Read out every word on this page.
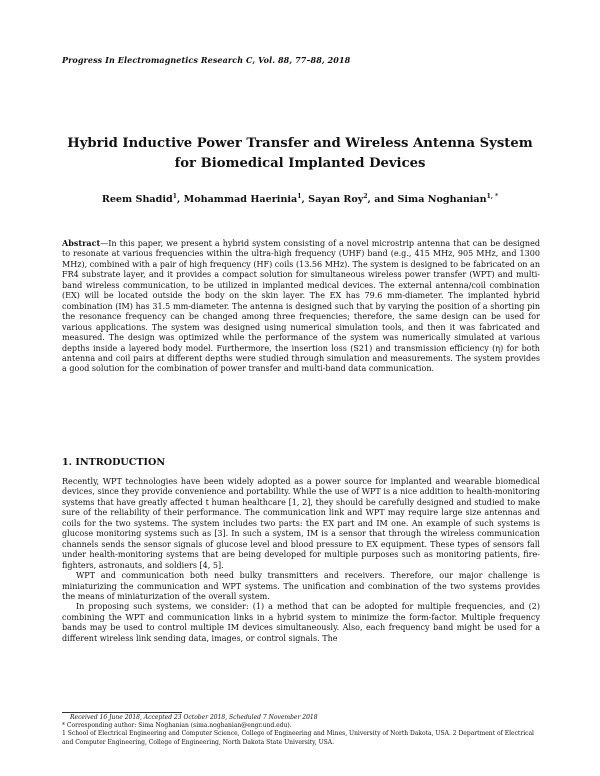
Progress In Electromagnetics Research C, Vol. 88, 77–88, 2018
Hybrid Inductive Power Transfer and Wireless Antenna System
for Biomedical Implanted Devices
Reem Shadid$^1$, Mohammad Haerinia$^1$, Sayan Roy$^2$, and Sima Noghanian$^{1, *}$
Abstract—In this paper, we present a hybrid system consisting of a novel microstrip antenna that can be designed to resonate at various frequencies within the ultra-high frequency (UHF) band (e.g., 415 MHz, 905 MHz, and 1300 MHz), combined with a pair of high frequency (HF) coils (13.56 MHz). The system is designed to be fabricated on an FR4 substrate layer, and it provides a compact solution for simultaneous wireless power transfer (WPT) and multi-band wireless communication, to be utilized in implanted medical devices. The external antenna/coil combination (EX) will be located outside the body on the skin layer. The EX has 79.6 mm-diameter. The implanted hybrid combination (IM) has 31.5 mm-diameter. The antenna is designed such that by varying the position of a shorting pin the resonance frequency can be changed among three frequencies; therefore, the same design can be used for various applications. The system was designed using numerical simulation tools, and then it was fabricated and measured. The design was optimized while the performance of the system was numerically simulated at various depths inside a layered body model. Furthermore, the insertion loss (S21) and transmission efficiency (η) for both antenna and coil pairs at different depths were studied through simulation and measurements. The system provides a good solution for the combination of power transfer and multi-band data communication.
1. INTRODUCTION

Recently, WPT technologies have been widely adopted as a power source for implanted and wearable biomedical devices, since they provide convenience and portability. While the use of WPT is a nice addition to health-monitoring systems that have greatly affected t human healthcare [1, 2], they should be carefully designed and studied to make sure of the reliability of their performance. The communication link and WPT may require large size antennas and coils for the two systems. The system includes two parts: the EX part and IM one. An example of such systems is glucose monitoring systems such as [3]. In such a system, IM is a sensor that through the wireless communication channels sends the sensor signals of glucose level and blood pressure to EX equipment. These types of sensors fall under health-monitoring systems that are being developed for multiple purposes such as monitoring patients, fire-fighters, astronauts, and soldiers [4, 5].

WPT and communication both need bulky transmitters and receivers. Therefore, our major challenge is miniaturizing the communication and WPT systems. The unification and combination of the two systems provides the means of miniaturization of the overall system.

In proposing such systems, we consider: (1) a method that can be adopted for multiple frequencies, and (2) combining the WPT and communication links in a hybrid system to minimize the form-factor. Multiple frequency bands may be used to control multiple IM devices simultaneously. Also, each frequency band might be used for a different wireless link sending data, images, or control signals. The

Received 16 June 2018, Accepted 23 October 2018, Scheduled 7 November 2018
* Corresponding author: Sima Noghanian (sima.noghanian@engr.und.edu).
1 School of Electrical Engineering and Computer Science, College of Engineering and Mines, University of North Dakota, USA. 2 Department of Electrical and Computer Engineering, College of Engineering, North Dakota State University, USA.
